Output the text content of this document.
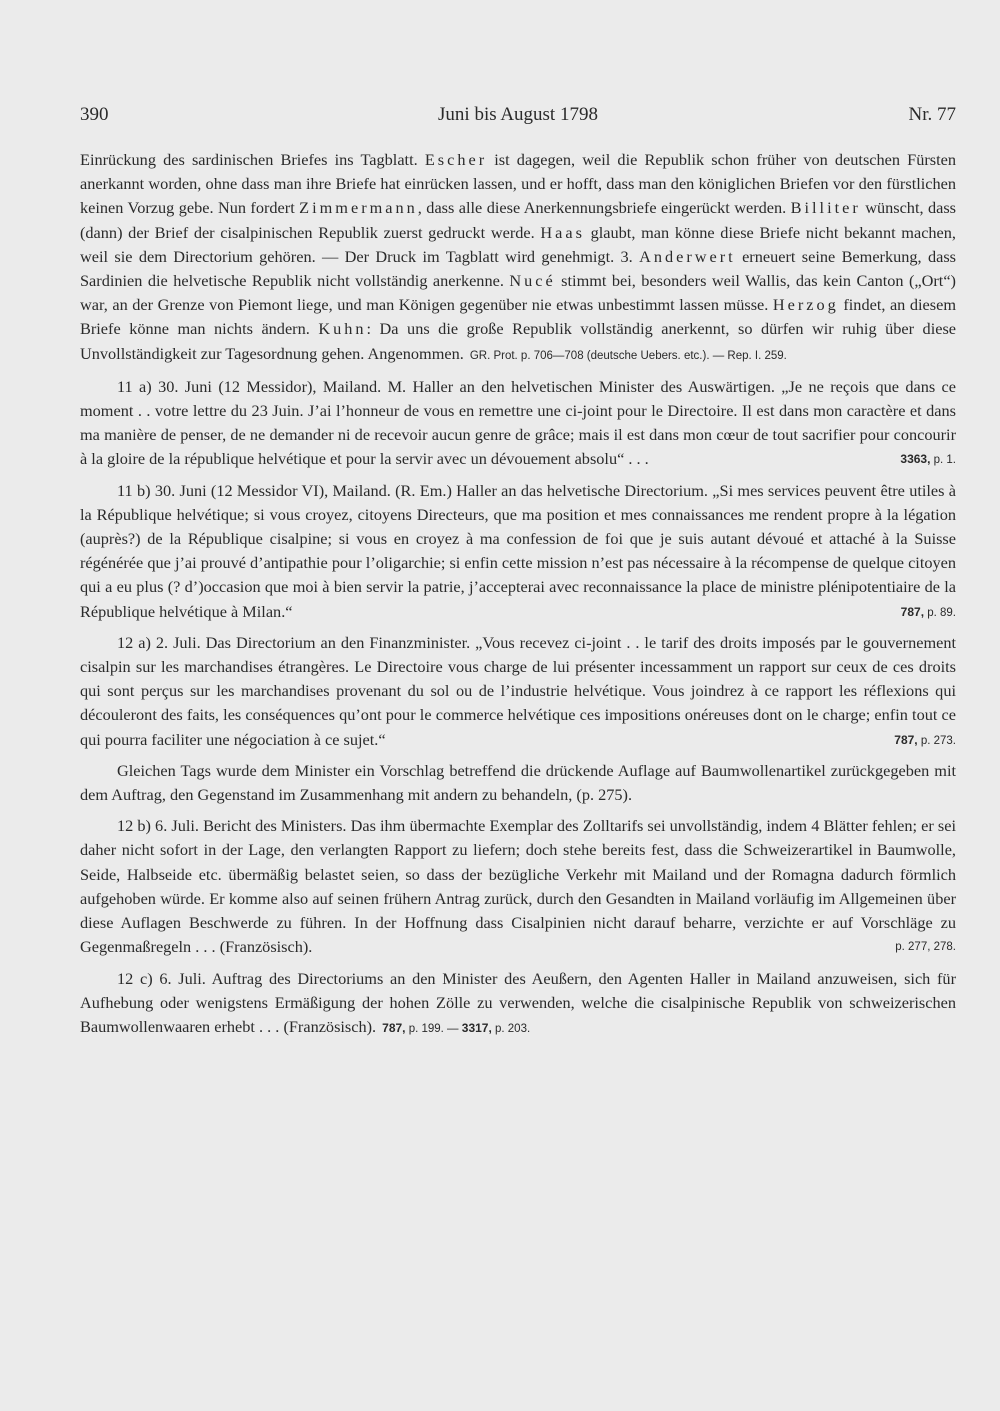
390	Juni bis August 1798	Nr. 77

Einrückung des sardinischen Briefes ins Tagblatt. Escher ist dagegen, weil die Republik schon früher von deutschen Fürsten anerkannt worden, ohne dass man ihre Briefe hat einrücken lassen, und er hofft, dass man den königlichen Briefen vor den fürstlichen keinen Vorzug gebe. Nun fordert Zimmermann, dass alle diese Anerkennungsbriefe eingerückt werden. Billiter wünscht, dass (dann) der Brief der cisalpinischen Republik zuerst gedruckt werde. Haas glaubt, man könne diese Briefe nicht bekannt machen, weil sie dem Directorium gehören. — Der Druck im Tagblatt wird genehmigt. 3. Anderwert erneuert seine Bemerkung, dass Sardinien die helvetische Republik nicht vollständig anerkenne. Nucé stimmt bei, besonders weil Wallis, das kein Canton („Ort“) war, an der Grenze von Piemont liege, und man Königen gegenüber nie etwas unbestimmt lassen müsse. Herzog findet, an diesem Briefe könne man nichts ändern. Kuhn: Da uns die große Republik vollständig anerkennt, so dürfen wir ruhig über diese Unvollständigkeit zur Tagesordnung gehen. Angenommen. GR. Prot. p. 706—708 (deutsche Uebers. etc.). — Rep. I. 259.

11 a) 30. Juni (12 Messidor), Mailand. M. Haller an den helvetischen Minister des Auswärtigen. „Je ne reçois que dans ce moment . . votre lettre du 23 Juin. J’ai l’honneur de vous en remettre une ci-joint pour le Directoire. Il est dans mon caractère et dans ma manière de penser, de ne demander ni de recevoir aucun genre de grâce; mais il est dans mon cœur de tout sacrifier pour concourir à la gloire de la république helvétique et pour la servir avec un dévouement absolu“ . . .	3363, p. 1.

11 b) 30. Juni (12 Messidor VI), Mailand. (R. Em.) Haller an das helvetische Directorium. „Si mes services peuvent être utiles à la République helvétique; si vous croyez, citoyens Directeurs, que ma position et mes connaissances me rendent propre à la légation (auprès?) de la République cisalpine; si vous en croyez à ma confession de foi que je suis autant dévoué et attaché à la Suisse régénérée que j’ai prouvé d’antipathie pour l’oligarchie; si enfin cette mission n’est pas nécessaire à la récompense de quelque citoyen qui a eu plus (? d’)occasion que moi à bien servir la patrie, j’accepterai avec reconnaissance la place de ministre plénipotentiaire de la République helvétique à Milan.“	787, p. 89.

12 a) 2. Juli. Das Directorium an den Finanzminister. „Vous recevez ci-joint . . le tarif des droits imposés par le gouvernement cisalpin sur les marchandises étrangères. Le Directoire vous charge de lui présenter incessamment un rapport sur ceux de ces droits qui sont perçus sur les marchandises provenant du sol ou de l’industrie helvétique. Vous joindrez à ce rapport les réflexions qui découleront des faits, les conséquences qu’ont pour le commerce helvétique ces impositions onéreuses dont on le charge; enfin tout ce qui pourra faciliter une négociation à ce sujet.“	787, p. 273.

Gleichen Tags wurde dem Minister ein Vorschlag betreffend die drückende Auflage auf Baumwollenartikel zurückgegeben mit dem Auftrag, den Gegenstand im Zusammenhang mit andern zu behandeln, (p. 275).

12 b) 6. Juli. Bericht des Ministers. Das ihm übermachte Exemplar des Zolltarifs sei unvollständig, indem 4 Blätter fehlen; er sei daher nicht sofort in der Lage, den verlangten Rapport zu liefern; doch stehe bereits fest, dass die Schweizerartikel in Baumwolle, Seide, Halbseide etc. übermäßig belastet seien, so dass der bezügliche Verkehr mit Mailand und der Romagna dadurch förmlich aufgehoben würde. Er komme also auf seinen frühern Antrag zurück, durch den Gesandten in Mailand vorläufig im Allgemeinen über diese Auflagen Beschwerde zu führen. In der Hoffnung dass Cisalpinien nicht darauf beharre, verzichte er auf Vorschläge zu Gegenmaßregeln . . . (Französisch).	p. 277, 278.

12 c) 6. Juli. Auftrag des Directoriums an den Minister des Aeußern, den Agenten Haller in Mailand anzuweisen, sich für Aufhebung oder wenigstens Ermäßigung der hohen Zölle zu verwenden, welche die cisalpinische Republik von schweizerischen Baumwollenwaaren erhebt . . . (Französisch). 787, p. 199. — 3317, p. 203.
